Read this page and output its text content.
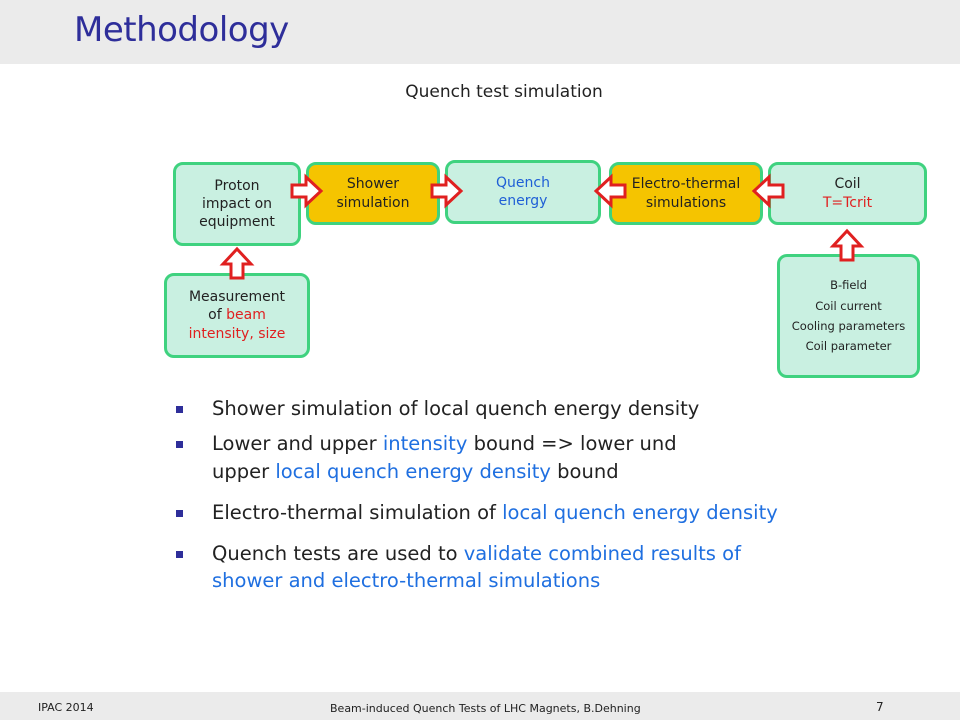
Methodology
Quench test simulation
Proton
impact on
equipment
Shower
simulation
Quench
energy
Electro-thermal
simulations
Coil
T=Tcrit
Measurement
of beam
intensity, size
B-field
Coil current
Cooling parameters
Coil parameter
Shower simulation of local quench energy density
Lower and upper intensity bound => lower und upper local quench energy density bound
Electro-thermal simulation of local quench energy density
Quench tests are used to validate combined results of shower and electro-thermal simulations
IPAC 2014	Beam-induced Quench Tests of LHC Magnets, B.Dehning	7
